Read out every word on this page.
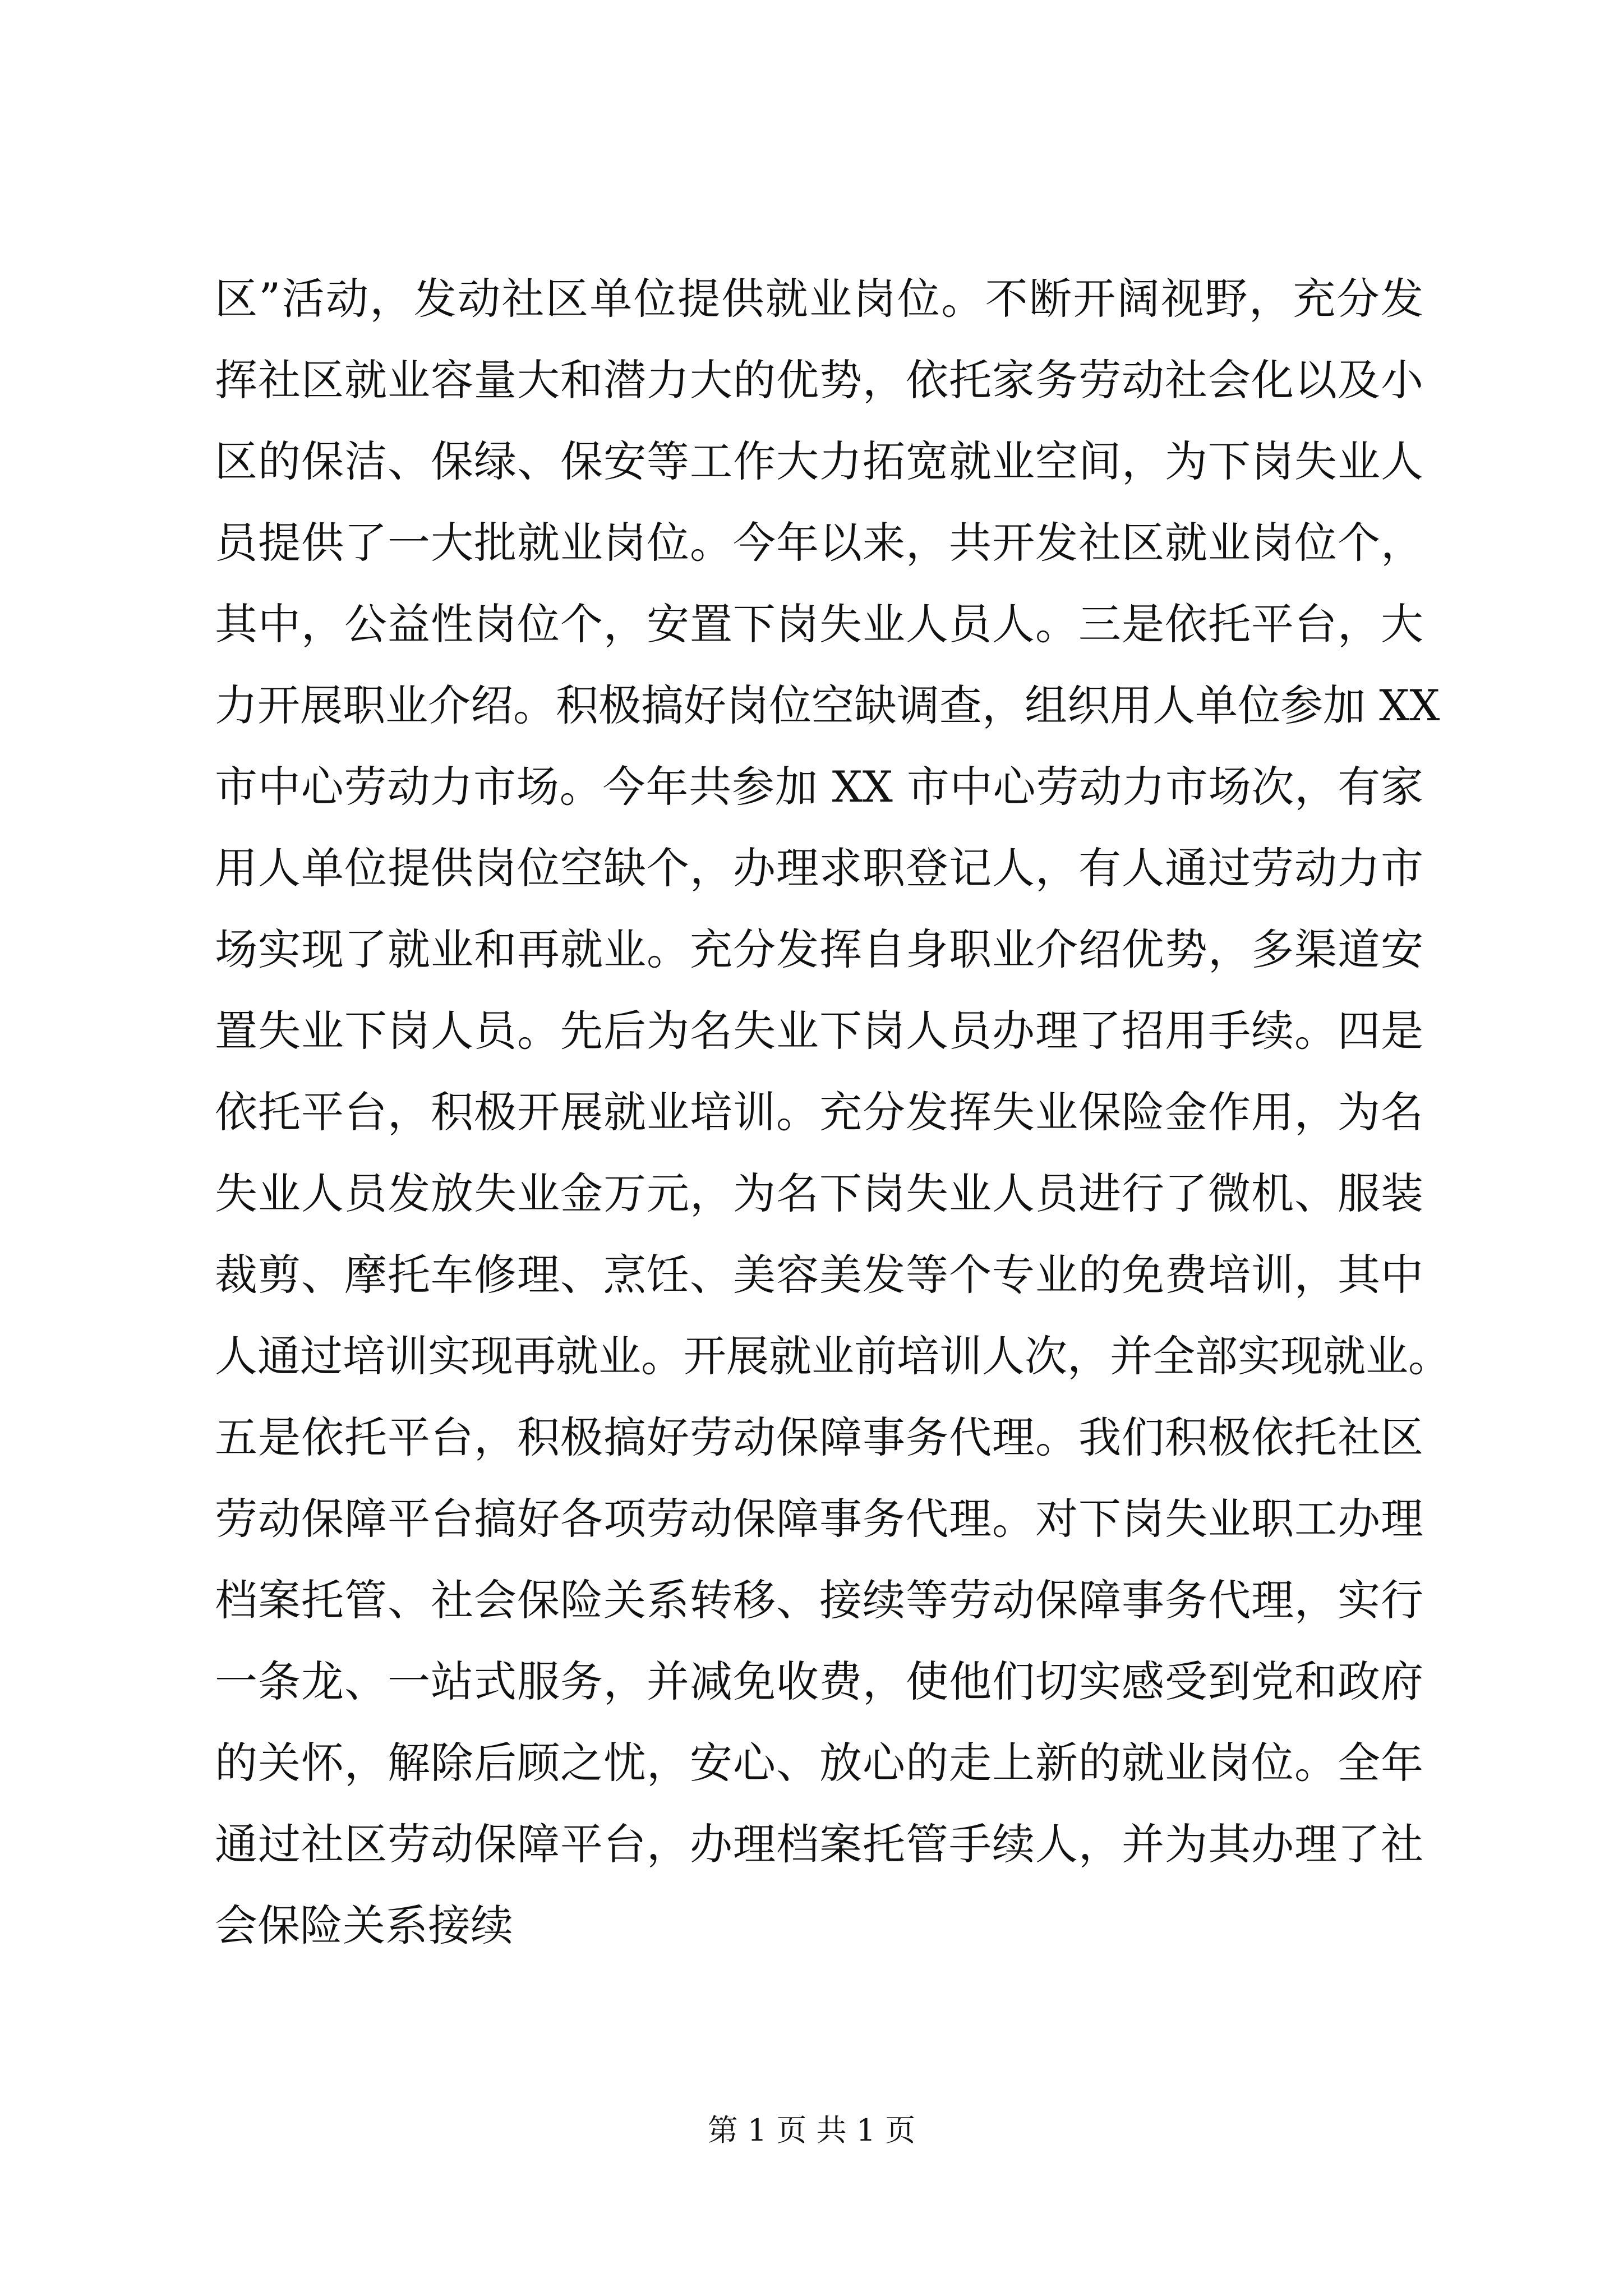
区”活动，发动社区单位提供就业岗位。不断开阔视野，充分发
挥社区就业容量大和潜力大的优势，依托家务劳动社会化以及小
区的保洁、保绿、保安等工作大力拓宽就业空间，为下岗失业人
员提供了一大批就业岗位。今年以来，共开发社区就业岗位个，
其中，公益性岗位个，安置下岗失业人员人。三是依托平台，大
力开展职业介绍。积极搞好岗位空缺调查，组织用人单位参加 XX
市中心劳动力市场。今年共参加 XX 市中心劳动力市场次，有家
用人单位提供岗位空缺个，办理求职登记人，有人通过劳动力市
场实现了就业和再就业。充分发挥自身职业介绍优势，多渠道安
置失业下岗人员。先后为名失业下岗人员办理了招用手续。四是
依托平台，积极开展就业培训。充分发挥失业保险金作用，为名
失业人员发放失业金万元，为名下岗失业人员进行了微机、服装
裁剪、摩托车修理、烹饪、美容美发等个专业的免费培训，其中
人通过培训实现再就业。开展就业前培训人次，并全部实现就业。
五是依托平台，积极搞好劳动保障事务代理。我们积极依托社区
劳动保障平台搞好各项劳动保障事务代理。对下岗失业职工办理
档案托管、社会保险关系转移、接续等劳动保障事务代理，实行
一条龙、一站式服务，并减免收费，使他们切实感受到党和政府
的关怀，解除后顾之忧，安心、放心的走上新的就业岗位。全年
通过社区劳动保障平台，办理档案托管手续人，并为其办理了社
会保险关系接续
第 1 页 共 1 页
